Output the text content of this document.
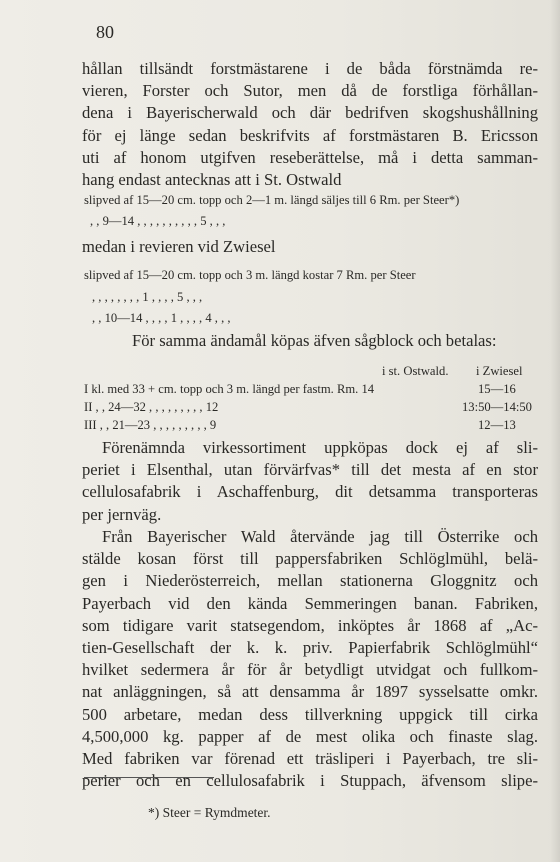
80
hållan tillsändt forstmästarene i de båda förstnämda re-
vieren, Forster och Sutor, men då de forstliga förhållan-
dena i Bayerischerwald och där bedrifven skogshushållning
för ej länge sedan beskrifvits af forstmästaren B. Ericsson
uti af honom utgifven reseberättelse, må i detta samman-
hang endast antecknas att i St. Ostwald
slipved af 15—20 cm. topp och 2—1 m. längd säljes till 6 Rm. per Steer*)
, , 9—14 , , , , , , , , , , 5 , , ,
medan i revieren vid Zwiesel
slipved af 15—20 cm. topp och 3 m. längd kostar 7 Rm. per Steer
, , , , , , , , 1 , , , , 5 , , ,
, , 10—14 , , , , 1 , , , , 4 , , ,
För samma ändamål köpas äfven sågblock och betalas:
i st. Ostwald. i Zwiesel
I kl. med 33 + cm. topp och 3 m. längd per fastm. Rm. 14	15—16
II , , 24—32 , , , , , , , , , 12	13:50—14:50
III , , 21—23 , , , , , , , , , 9	12—13
Förenämnda virkessortiment uppköpas dock ej af sli-
periet i Elsenthal, utan förvärfvas* till det mesta af en stor
cellulosafabrik i Aschaffenburg, dit detsamma transporteras
per jernväg.
Från Bayerischer Wald återvände jag till Österrike och
stälde kosan först till pappersfabriken Schlöglmühl, belä-
gen i Niederösterreich, mellan stationerna Gloggnitz och
Payerbach vid den kända Semmeringen banan. Fabriken,
som tidigare varit statsegendom, inköptes år 1868 af „Ac-
tien-Gesellschaft der k. k. priv. Papierfabrik Schlöglmühl“
hvilket sedermera år för år betydligt utvidgat och fullkom-
nat anläggningen, så att densamma år 1897 sysselsatte omkr.
500 arbetare, medan dess tillverkning uppgick till cirka
4,500,000 kg. papper af de mest olika och finaste slag.
Med fabriken var förenad ett träsliperi i Payerbach, tre sli-
perier och en cellulosafabrik i Stuppach, äfvensom slipe-
*) Steer = Rymdmeter.
